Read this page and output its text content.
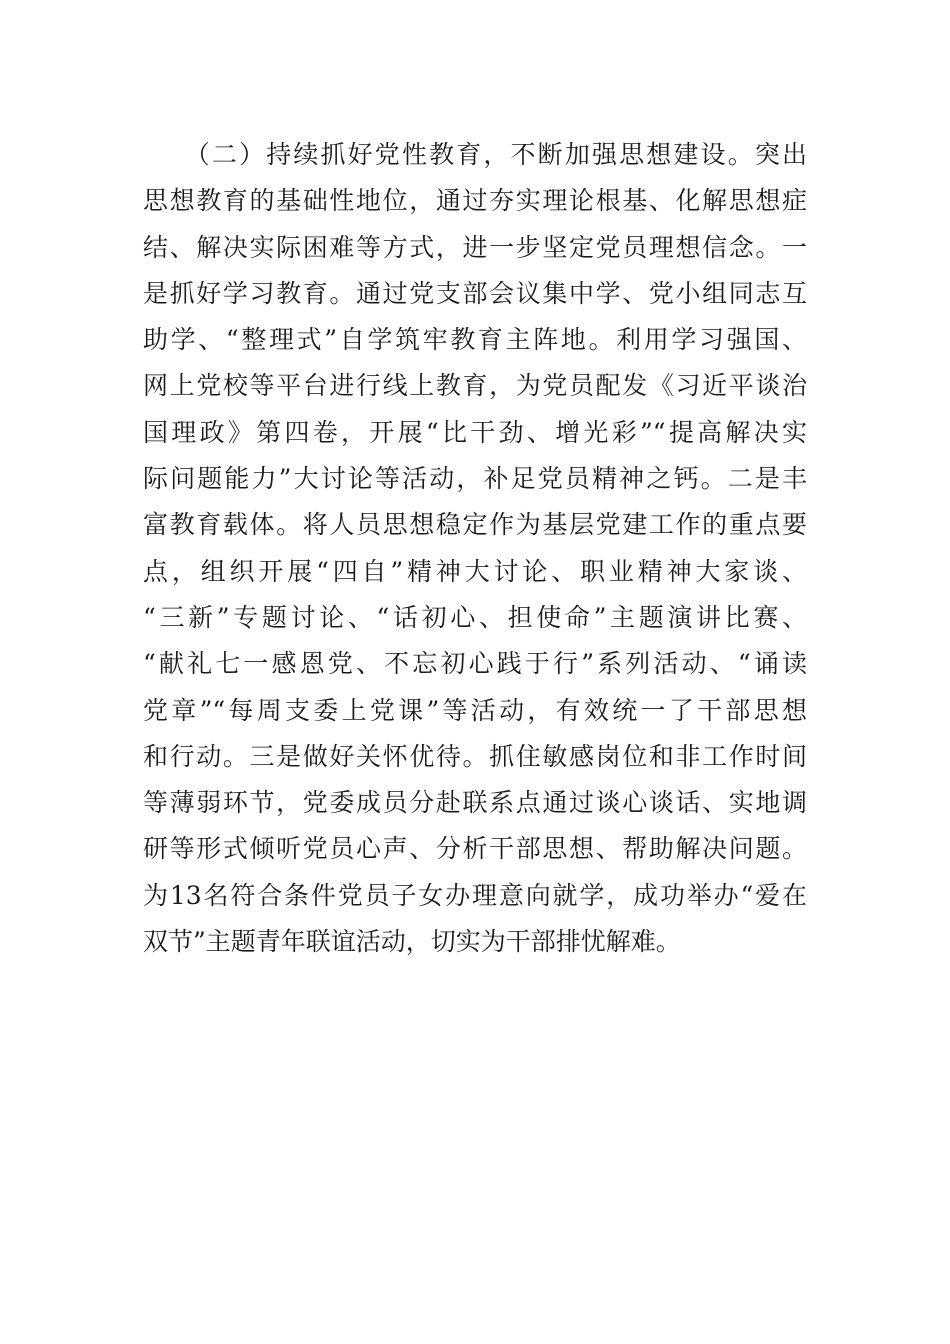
　　（二）持续抓好党性教育，不断加强思想建设。突出
思想教育的基础性地位，通过夯实理论根基、化解思想症
结、解决实际困难等方式，进一步坚定党员理想信念。一
是抓好学习教育。通过党支部会议集中学、党小组同志互
助学、“整理式”自学筑牢教育主阵地。利用学习强国、
网上党校等平台进行线上教育，为党员配发《习近平谈治
国理政》第四卷，开展“比干劲、增光彩”“提高解决实
际问题能力”大讨论等活动，补足党员精神之钙。二是丰
富教育载体。将人员思想稳定作为基层党建工作的重点要
点，组织开展“四自”精神大讨论、职业精神大家谈、
“三新”专题讨论、“话初心、担使命”主题演讲比赛、
“献礼七一感恩党、不忘初心践于行”系列活动、“诵读
党章”“每周支委上党课”等活动，有效统一了干部思想
和行动。三是做好关怀优待。抓住敏感岗位和非工作时间
等薄弱环节，党委成员分赴联系点通过谈心谈话、实地调
研等形式倾听党员心声、分析干部思想、帮助解决问题。
为13名符合条件党员子女办理意向就学，成功举办“爱在
双节”主题青年联谊活动，切实为干部排忧解难。
